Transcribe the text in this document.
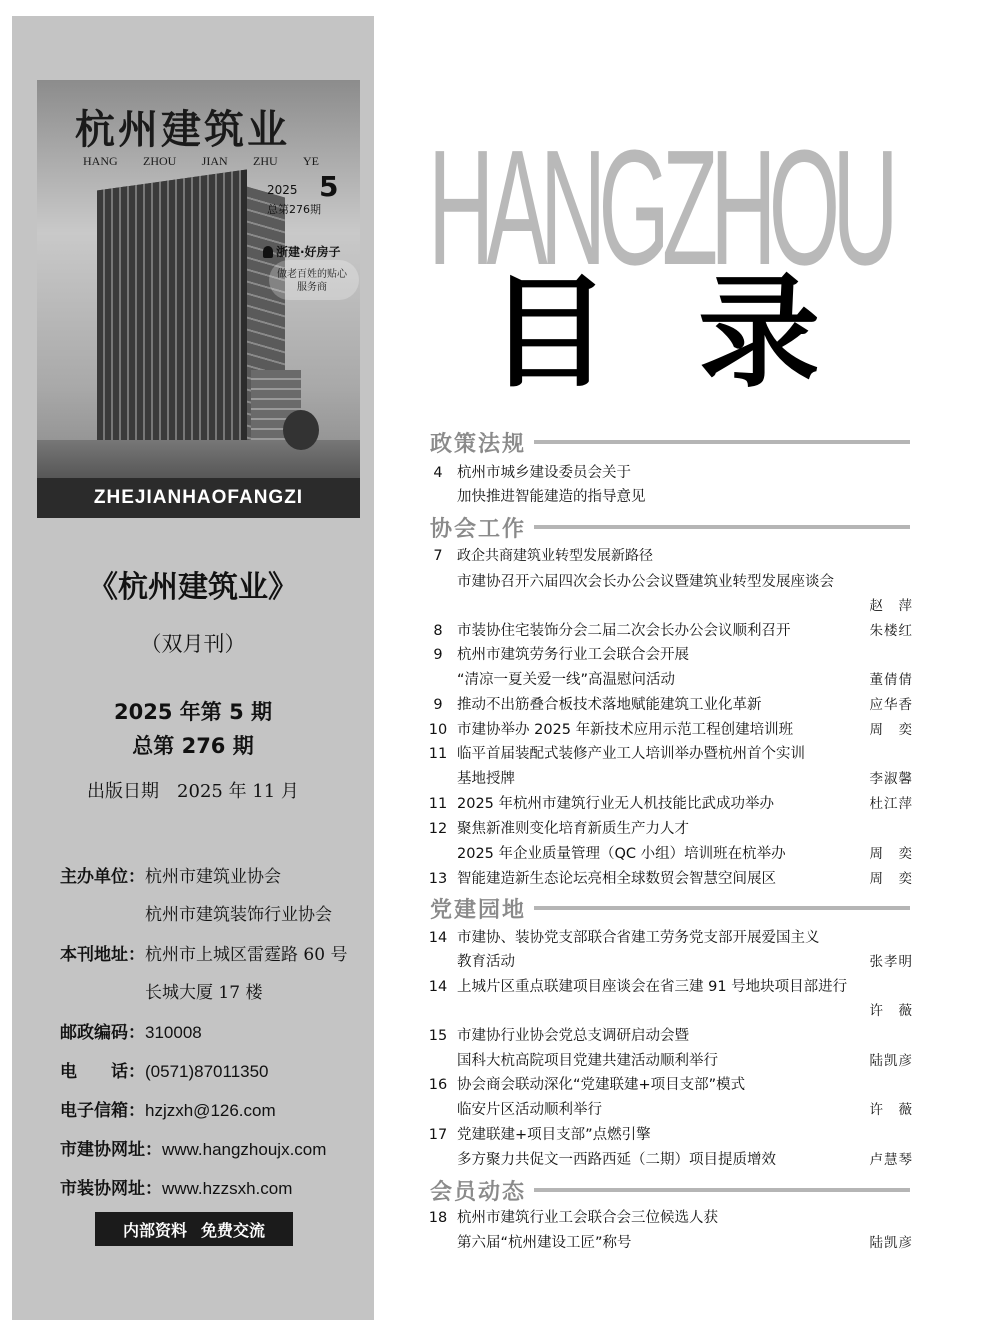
杭州建筑业
HANG ZHOU JIAN ZHU YE
2025 5
总第276期
浙建·好房子
做老百姓的贴心服务商
ZHEJIANHAOFANGZI
《杭州建筑业》
（双月刊）
2025 年第 5 期
总第 276 期
出版日期　2025 年 11 月
主办单位：杭州市建筑业协会
杭州市建筑装饰行业协会
本刊地址：杭州市上城区雷霆路 60 号
长城大厦 17 楼
邮政编码：310008
电　　话：(0571)87011350
电子信箱：hzjzxh@126.com
市建协网址：www.hangzhoujx.com
市装协网址：www.hzzsxh.com
内部资料 免费交流
HANGZHOU
目录
政策法规
协会工作
党建园地
会员动态
4 杭州市城乡建设委员会关于
加快推进智能建造的指导意见
7	政企共商建筑业转型发展新路径
市建协召开六届四次会长办公会议暨建筑业转型发展座谈会
赵　萍
8 市装协住宅装饰分会二届二次会长办公会议顺利召开	朱楼红
9 杭州市建筑劳务行业工会联合会开展
“清凉一夏关爱一线”高温慰问活动	董倩倩
9 推动不出筋叠合板技术落地赋能建筑工业化革新	应华香
10 市建协举办 2025 年新技术应用示范工程创建培训班	周　奕
11 临平首届装配式装修产业工人培训举办暨杭州首个实训
基地授牌	李淑馨
11 2025 年杭州市建筑行业无人机技能比武成功举办	杜江萍
12 聚焦新准则变化培育新质生产力人才
2025 年企业质量管理（QC 小组）培训班在杭举办	周　奕
13 智能建造新生态论坛亮相全球数贸会智慧空间展区	周　奕
14 市建协、装协党支部联合省建工劳务党支部开展爱国主义
教育活动	张孝明
14 上城片区重点联建项目座谈会在省三建 91 号地块项目部进行
许　薇
15 市建协行业协会党总支调研启动会暨
国科大杭高院项目党建共建活动顺利举行	陆凯彦
16 协会商会联动深化“党建联建+项目支部”模式
临安片区活动顺利举行	许　薇
17 党建联建+项目支部”点燃引擎
多方聚力共促文一西路西延（二期）项目提质增效	卢慧琴
18 杭州市建筑行业工会联合会三位候选人获
第六届“杭州建设工匠”称号	陆凯彦
